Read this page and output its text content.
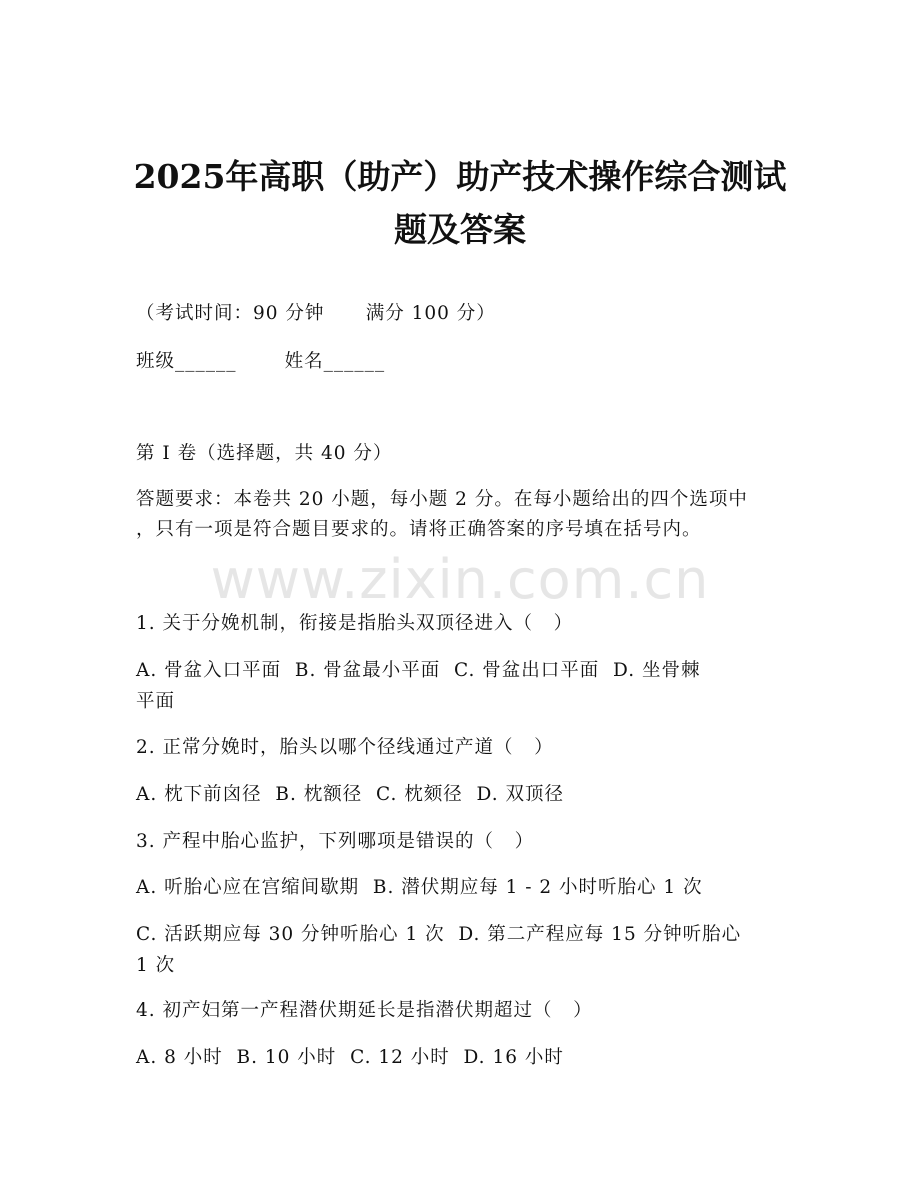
www.zixin.com.cn
2025年高职（助产）助产技术操作综合测试
题及答案
（考试时间：90 分钟      满分 100 分）
班级______       姓名______
第 I 卷（选择题，共 40 分）
答题要求：本卷共 20 小题，每小题 2 分。在每小题给出的四个选项中
，只有一项是符合题目要求的。请将正确答案的序号填在括号内。
1. 关于分娩机制，衔接是指胎头双顶径进入（   ）
A. 骨盆入口平面  B. 骨盆最小平面  C. 骨盆出口平面  D. 坐骨棘
平面
2. 正常分娩时，胎头以哪个径线通过产道（   ）
A. 枕下前囟径  B. 枕额径  C. 枕颏径  D. 双顶径
3. 产程中胎心监护，下列哪项是错误的（   ）
A. 听胎心应在宫缩间歇期  B. 潜伏期应每 1 - 2 小时听胎心 1 次
C. 活跃期应每 30 分钟听胎心 1 次  D. 第二产程应每 15 分钟听胎心
1 次
4. 初产妇第一产程潜伏期延长是指潜伏期超过（   ）
A. 8 小时  B. 10 小时  C. 12 小时  D. 16 小时
